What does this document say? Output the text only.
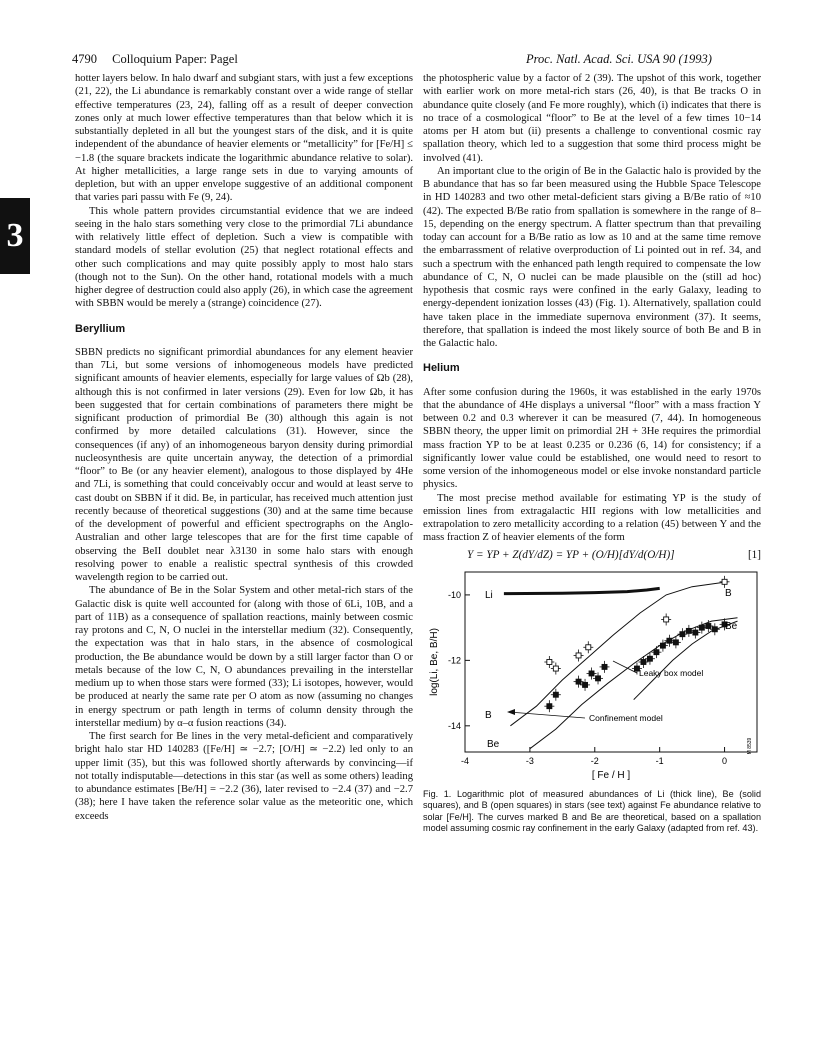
4790 Colloquium Paper: Pagel	Proc. Natl. Acad. Sci. USA 90 (1993)
3

hotter layers below. In halo dwarf and subgiant stars, with just a few exceptions (21, 22), the Li abundance is remarkably constant over a wide range of stellar effective temperatures (23, 24), falling off as a result of deeper convection zones only at much lower effective temperatures than that below which it is substantially depleted in all but the youngest stars of the disk, and it is quite independent of the abundance of heavier elements or “metallicity” for [Fe/H] ≤ −1.8 (the square brackets indicate the logarithmic abundance relative to solar). At higher metallicities, a large range sets in due to varying amounts of depletion, but with an upper envelope suggestive of an additional component that varies pari passu with Fe (9, 24).

This whole pattern provides circumstantial evidence that we are indeed seeing in the halo stars something very close to the primordial 7Li abundance with relatively little effect of depletion. Such a view is compatible with standard models of stellar evolution (25) that neglect rotational effects and other such complications and may quite possibly apply to most halo stars (though not to the Sun). On the other hand, rotational models with a much higher degree of destruction could also apply (26), in which case the agreement with SBBN would be merely a (strange) coincidence (27).

Beryllium

SBBN predicts no significant primordial abundances for any element heavier than 7Li, but some versions of inhomogeneous models have predicted significant amounts of heavier elements, especially for large values of Ωb (28), although this is not confirmed in later versions (29). Even for low Ωb, it has been suggested that for certain combinations of parameters there might be significant production of primordial Be (30) although this again is not confirmed by more detailed calculations (31). However, since the consequences (if any) of an inhomogeneous baryon density during primordial nucleosynthesis are quite uncertain anyway, the detection of a primordial “floor” to Be (or any heavier element), analogous to those displayed by 4He and 7Li, is something that could conceivably occur and would at least serve to cast doubt on SBBN if it did. Be, in particular, has received much attention just recently because of theoretical suggestions (30) and at the same time because of the development of powerful and efficient spectrographs on the Anglo-Australian and other large telescopes that are for the first time capable of observing the BeII doublet near λ3130 in some halo stars with enough resolving power to enable a realistic spectral synthesis of this crowded wavelength region to be carried out.

The abundance of Be in the Solar System and other metal-rich stars of the Galactic disk is quite well accounted for (along with those of 6Li, 10B, and a part of 11B) as a consequence of spallation reactions, mainly between cosmic ray protons and C, N, O nuclei in the interstellar medium (32). Consequently, the expectation was that in halo stars, in the absence of cosmological production, the Be abundance would be down by a still larger factor than O or metals because of the low C, N, O abundances prevailing in the interstellar medium up to when those stars were formed (33); Li isotopes, however, would be produced at nearly the same rate per O atom as now (assuming no changes in energy spectrum or path length in terms of column density through the interstellar medium) by α–α fusion reactions (34).

The first search for Be lines in the very metal-deficient and comparatively bright halo star HD 140283 ([Fe/H] ≃ −2.7; [O/H] ≃ −2.2) led only to an upper limit (35), but this was followed shortly afterwards by convincing—if not totally indisputable—detections in this star (as well as some others) leading to abundance estimates [Be/H] = −2.2 (36), later revised to −2.4 (37) and −2.7 (38); here I have taken the reference solar value as the meteoritic one, which exceeds

the photospheric value by a factor of 2 (39). The upshot of this work, together with earlier work on more metal-rich stars (26, 40), is that Be tracks O in abundance quite closely (and Fe more roughly), which (i) indicates that there is no trace of a cosmological “floor” to Be at the level of a few times 10−14 atoms per H atom but (ii) presents a challenge to conventional cosmic ray spallation theory, which led to a suggestion that some third process might be involved (41).

An important clue to the origin of Be in the Galactic halo is provided by the B abundance that has so far been measured using the Hubble Space Telescope in HD 140283 and two other metal-deficient stars giving a B/Be ratio of ≈10 (42). The expected B/Be ratio from spallation is somewhere in the range of 8–15, depending on the energy spectrum. A flatter spectrum than that prevailing today can account for a B/Be ratio as low as 10 and at the same time remove the embarrassment of relative overproduction of Li pointed out in ref. 34, and such a spectrum with the enhanced path length required to compensate the low abundance of C, N, O nuclei can be made plausible on the (still ad hoc) hypothesis that cosmic rays were confined in the early Galaxy, leading to energy-dependent ionization losses (43) (Fig. 1). Alternatively, spallation could have taken place in the immediate supernova environment (37). It seems, therefore, that spallation is indeed the most likely source of both Be and B in the Galactic halo.

Helium

After some confusion during the 1960s, it was established in the early 1970s that the abundance of 4He displays a universal “floor” with a mass fraction Y between 0.2 and 0.3 wherever it can be measured (7, 44). In homogeneous SBBN theory, the upper limit on primordial 2H + 3He requires the primordial mass fraction YP to be at least 0.235 or 0.236 (6, 14) for consistency; if a significantly lower value could be established, one would need to resort to some version of the inhomogeneous model or else invoke nonstandard particle physics.

The most precise method available for estimating YP is the study of emission lines from extragalactic HII regions with low metallicities and extrapolation to zero metallicity according to a relation (45) between Y and the mass fraction Z of heavier elements of the form

Y = YP + Z(dY/dZ) = YP + (O/H)[dY/d(O/H)]	[1]
-4	-3	-2	-1	0
-10
-12
-14
log(Li, Be, B/H)
[ Fe / H ]
Li	B
Be
B
Be
Leaky box model
Confinement model
M 8539
Fig. 1. Logarithmic plot of measured abundances of Li (thick line), Be (solid squares), and B (open squares) in stars (see text) against Fe abundance relative to solar [Fe/H]. The curves marked B and Be are theoretical, based on a spallation model assuming cosmic ray confinement in the early Galaxy (adapted from ref. 43).
